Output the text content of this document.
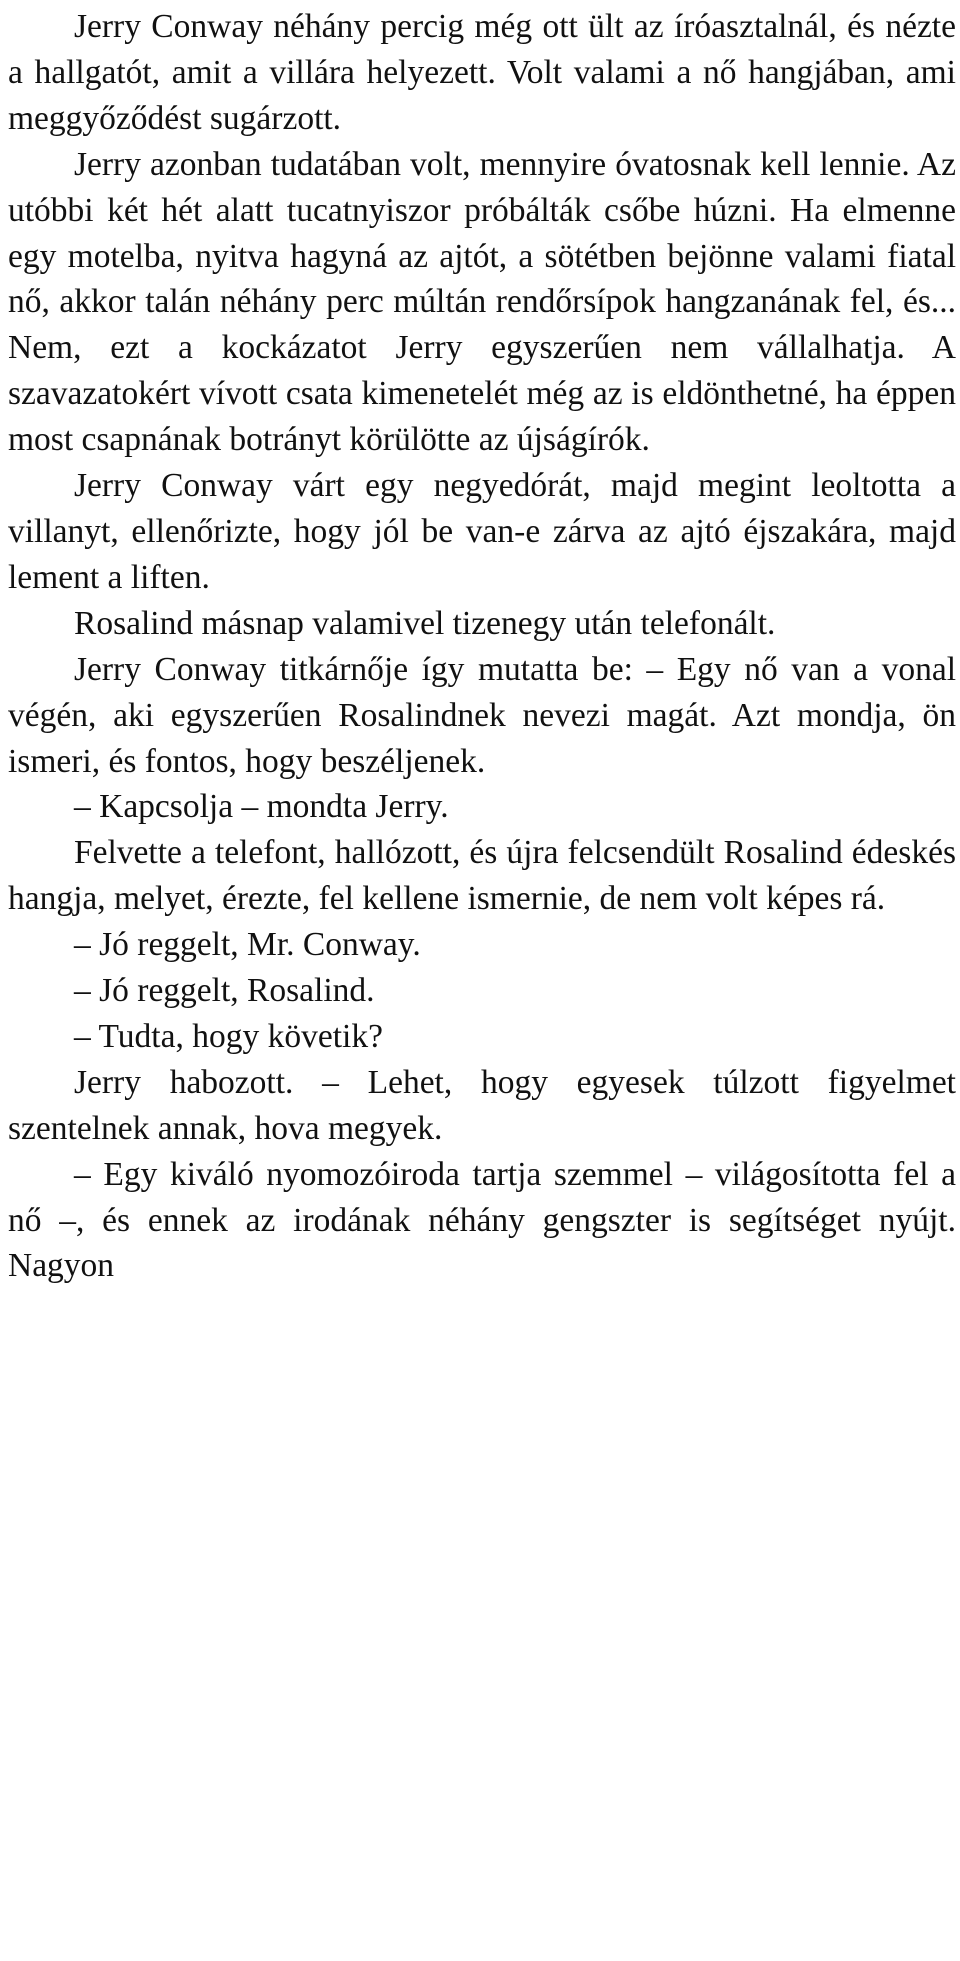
Jerry Conway néhány percig még ott ült az íróasztalnál, és nézte a hallgatót, amit a villára helyezett. Volt valami a nő hangjában, ami meggyőződést sugárzott.

Jerry azonban tudatában volt, mennyire óvatosnak kell lennie. Az utóbbi két hét alatt tucatnyiszor próbálták csőbe húzni. Ha elmenne egy motelba, nyitva hagyná az ajtót, a sötétben bejönne valami fiatal nő, akkor talán néhány perc múltán rendőrsípok hangzanának fel, és... Nem, ezt a kockázatot Jerry egyszerűen nem vállalhatja. A szavazatokért vívott csata kimenetelét még az is eldönthetné, ha éppen most csapnának botrányt körülötte az újságírók.

Jerry Conway várt egy negyedórát, majd megint leoltotta a villanyt, ellenőrizte, hogy jól be van-e zárva az ajtó éjszakára, majd lement a liften.

Rosalind másnap valamivel tizenegy után telefonált.

Jerry Conway titkárnője így mutatta be: – Egy nő van a vonal végén, aki egyszerűen Rosalindnek nevezi magát. Azt mondja, ön ismeri, és fontos, hogy beszéljenek.

– Kapcsolja – mondta Jerry.

Felvette a telefont, hallózott, és újra felcsendült Rosalind édeskés hangja, melyet, érezte, fel kellene ismernie, de nem volt képes rá.

– Jó reggelt, Mr. Conway.

– Jó reggelt, Rosalind.

– Tudta, hogy követik?

Jerry habozott. – Lehet, hogy egyesek túlzott figyelmet szentelnek annak, hova megyek.

– Egy kiváló nyomozóiroda tartja szemmel – világosította fel a nő –, és ennek az irodának néhány gengszter is segítséget nyújt. Nagyon
